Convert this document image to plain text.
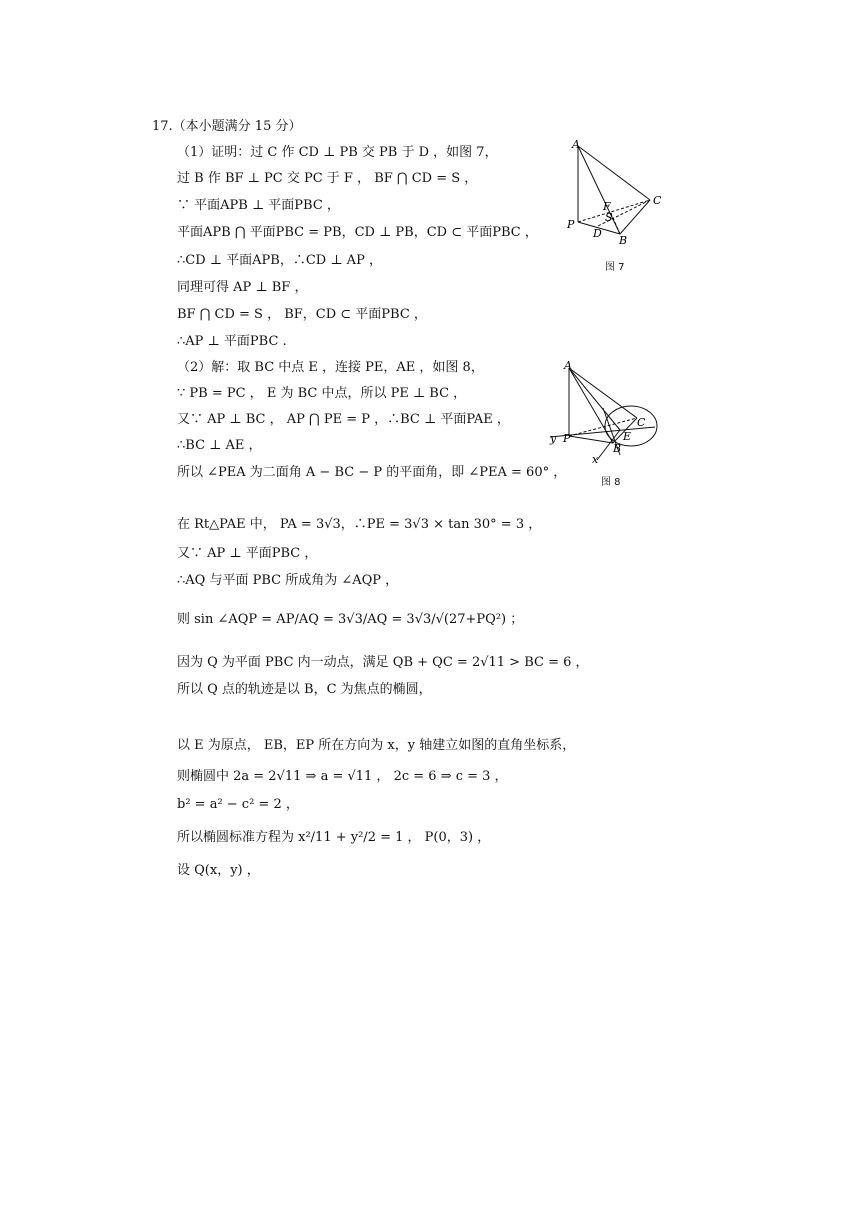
17.（本小题满分 15 分）
（1）证明：过 C 作 CD ⊥ PB 交 PB 于 D ，如图 7，
过 B 作 BF ⊥ PC 交 PC 于 F ， BF ⋂ CD = S ，
∵ 平面APB ⊥ 平面PBC ，
平面APB ⋂ 平面PBC = PB，CD ⊥ PB，CD ⊂ 平面PBC ，
∴CD ⊥ 平面APB，∴CD ⊥ AP ，
同理可得 AP ⊥ BF ，
BF ⋂ CD = S ， BF，CD ⊂ 平面PBC ，
∴AP ⊥ 平面PBC .
（2）解：取 BC 中点 E ，连接 PE，AE ，如图 8，
∵ PB = PC ， E 为 BC 中点，所以 PE ⊥ BC ，
又∵ AP ⊥ BC ， AP ⋂ PE = P ，∴BC ⊥ 平面PAE ，
∴BC ⊥ AE ，
所以 ∠PEA 为二面角 A − BC − P 的平面角，即 ∠PEA = 60° ，
在 Rt△PAE 中， PA = 3√3，∴PE = 3√3 × tan 30° = 3 ，
又∵ AP ⊥ 平面PBC ，
∴AQ 与平面 PBC 所成角为 ∠AQP ，
则 sin ∠AQP = AP/AQ = 3√3/AQ = 3√3/√(27+PQ²) ；
因为 Q 为平面 PBC 内一动点，满足 QB + QC = 2√11 > BC = 6 ，
所以 Q 点的轨迹是以 B，C 为焦点的椭圆，
以 E 为原点， EB，EP 所在方向为 x，y 轴建立如图的直角坐标系，
则椭圆中 2a = 2√11 ⇒ a = √11 ， 2c = 6 ⇒ c = 3 ，
b² = a² − c² = 2 ，
所以椭圆标准方程为 x²/11 + y²/2 = 1 ， P(0，3) ，
设 Q(x，y) ，
A
C
F
S
P
D
B
图 7
A
C
E
B
P
y
x
图 8
